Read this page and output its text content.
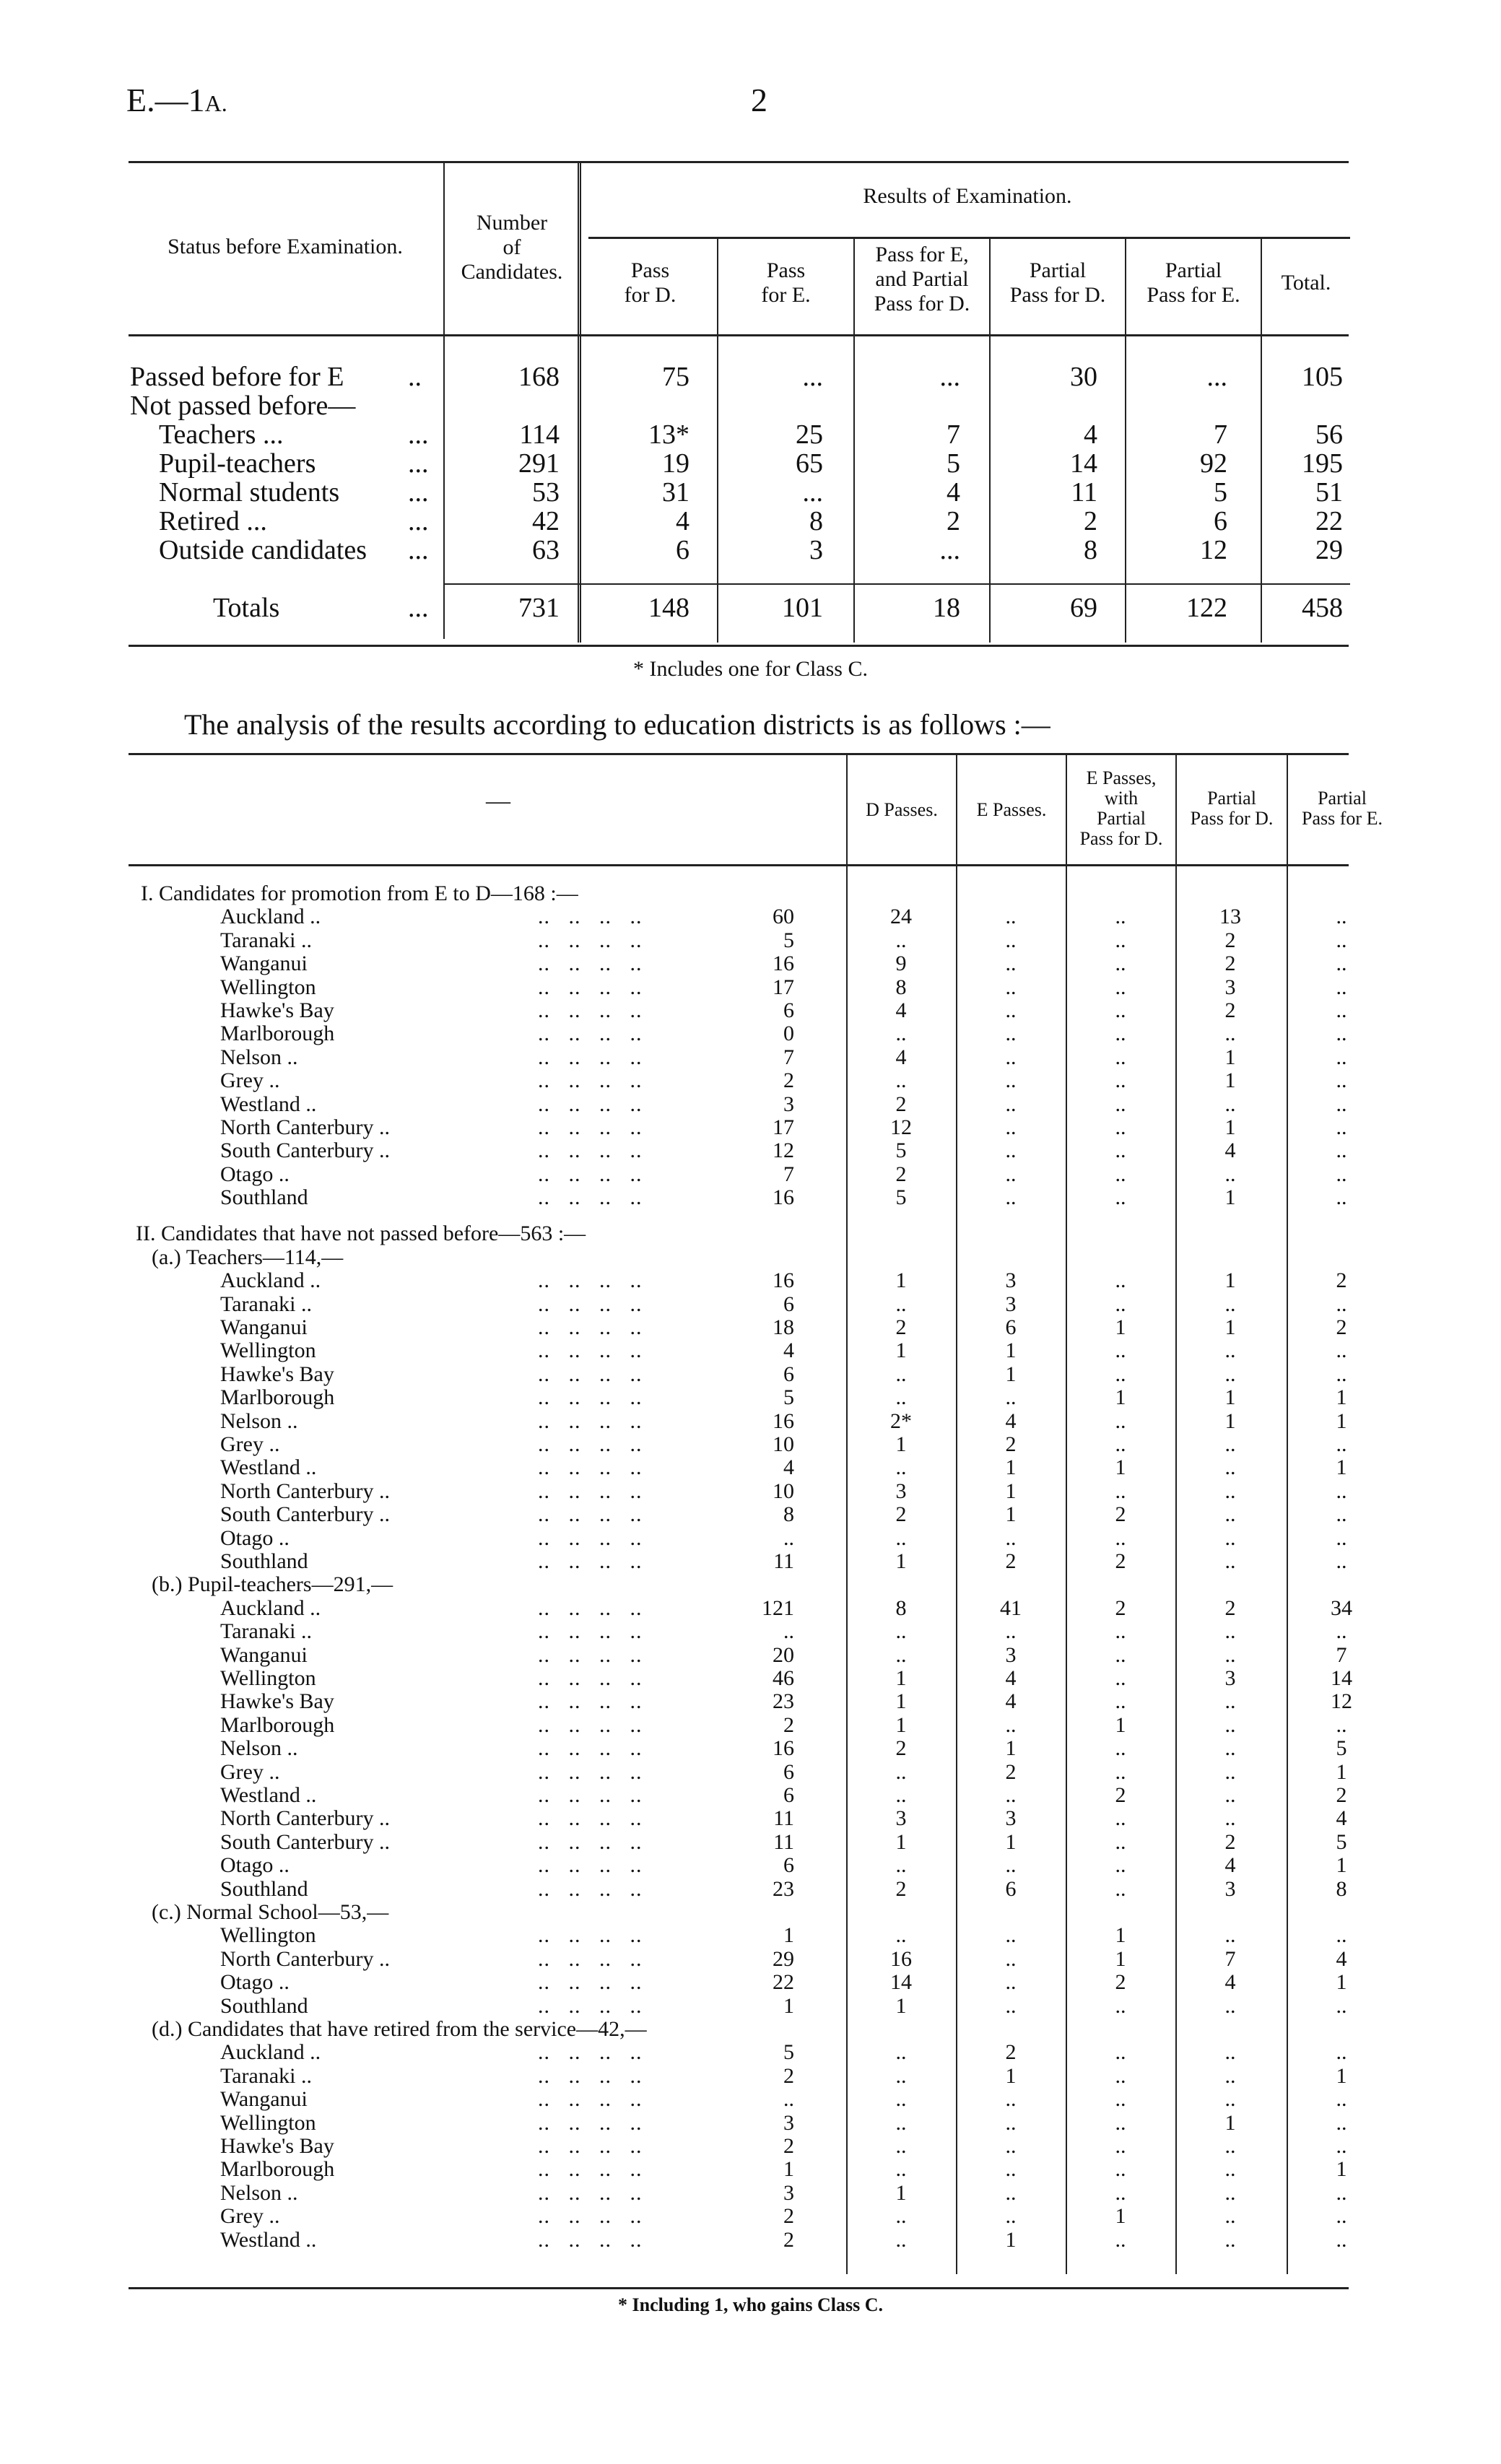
E.—1A.	2
Status before Examination.
Number
of
Candidates.
Results of Examination.
Pass
for D.
Pass
for E.
Pass for E,
and Partial
Pass for D.
Partial
Pass for D.
Partial
Pass for E.
Total.
Passed before for E ..	168	75	...	...	30	...	105
Teachers ...	...	114	13*	25	7	4	7	56
Pupil-teachers	...	291	19	65	5	14	92	195
Normal students ...	53	31	...	4	11	5	51
Retired ...	...	42	4	8	2	2	6	22
Outside candidates ...	63	6	3	...	8	12	29
Not passed before—
Totals	...	731	148	101	18	69	122	458
* Includes one for Class C.
The analysis of the results according to education districts is as follows :—
—	D Passes.	E Passes.
E Passes,
with
Partial
Pass for D.
Partial
Pass for D.
Partial
Pass for E.
I. Candidates for promotion from E to D—168 :—
Auckland ..	..   ..   ..   ..	60	24	..	..	13	..
Taranaki ..	..   ..   ..   ..	5	..	..	..	2	..
Wanganui	..   ..   ..   ..	16	9	..	..	2	..
Wellington	..   ..   ..   ..	17	8	..	..	3	..
Hawke's Bay	..   ..   ..   ..	6	4	..	..	2	..
Marlborough	..   ..   ..   ..	0	..	..	..	..	..
Nelson ..	..   ..   ..   ..	7	4	..	..	1	..
Grey ..	..   ..   ..   ..	2	..	..	..	1	..
Westland ..	..   ..   ..   ..	3	2	..	..	..	..
North Canterbury ..	..   ..   ..   ..	17	12	..	..	1	..
South Canterbury ..	..   ..   ..   ..	12	5	..	..	4	..
Otago ..	..   ..   ..   ..	7	2	..	..	..	..
Southland	..   ..   ..   ..	16	5	..	..	1	..
II. Candidates that have not passed before—563 :—
(a.) Teachers—114,—
Auckland ..	..   ..   ..   ..	16	1	3	..	1	2
Taranaki ..	..   ..   ..   ..	6	..	3	..	..	..
Wanganui	..   ..   ..   ..	18	2	6	1	1	2
Wellington	..   ..   ..   ..	4	1	1	..	..	..
Hawke's Bay	..   ..   ..   ..	6	..	1	..	..	..
Marlborough	..   ..   ..   ..	5	..	..	1	1	1
Nelson ..	..   ..   ..   ..	16	2*	4	..	1	1
Grey ..	..   ..   ..   ..	10	1	2	..	..	..
Westland ..	..   ..   ..   ..	4	..	1	1	..	1
North Canterbury ..	..   ..   ..   ..	10	3	1	..	..	..
South Canterbury ..	..   ..   ..   ..	8	2	1	2	..	..
Otago ..	..   ..   ..   ..	..	..	..	..	..	..
Southland	..   ..   ..   ..	11	1	2	2	..	..
(b.) Pupil-teachers—291,—
Auckland ..	..   ..   ..   ..	121	8	41	2	2	34
Taranaki ..	..   ..   ..   ..	..	..	..	..	..	..
Wanganui	..   ..   ..   ..	20	..	3	..	..	7
Wellington	..   ..   ..   ..	46	1	4	..	3	14
Hawke's Bay	..   ..   ..   ..	23	1	4	..	..	12
Marlborough	..   ..   ..   ..	2	1	..	1	..	..
Nelson ..	..   ..   ..   ..	16	2	1	..	..	5
Grey ..	..   ..   ..   ..	6	..	2	..	..	1
Westland ..	..   ..   ..   ..	6	..	..	2	..	2
North Canterbury ..	..   ..   ..   ..	11	3	3	..	..	4
South Canterbury ..	..   ..   ..   ..	11	1	1	..	2	5
Otago ..	..   ..   ..   ..	6	..	..	..	4	1
Southland	..   ..   ..   ..	23	2	6	..	3	8
(c.) Normal School—53,—
Wellington	..   ..   ..   ..	1	..	..	1	..	..
North Canterbury ..	..   ..   ..   ..	29	16	..	1	7	4
Otago ..	..   ..   ..   ..	22	14	..	2	4	1
Southland	..   ..   ..   ..	1	1	..	..	..	..
(d.) Candidates that have retired from the service—42,—
Auckland ..	..   ..   ..   ..	5	..	2	..	..	..
Taranaki ..	..   ..   ..   ..	2	..	1	..	..	1
Wanganui	..   ..   ..   ..	..	..	..	..	..	..
Wellington	..   ..   ..   ..	3	..	..	..	1	..
Hawke's Bay	..   ..   ..   ..	2	..	..	..	..	..
Marlborough	..   ..   ..   ..	1	..	..	..	..	1
Nelson ..	..   ..   ..   ..	3	1	..	..	..	..
Grey ..	..   ..   ..   ..	2	..	..	1	..	..
Westland ..	..   ..   ..   ..	2	..	1	..	..	..
* Including 1, who gains Class C.
